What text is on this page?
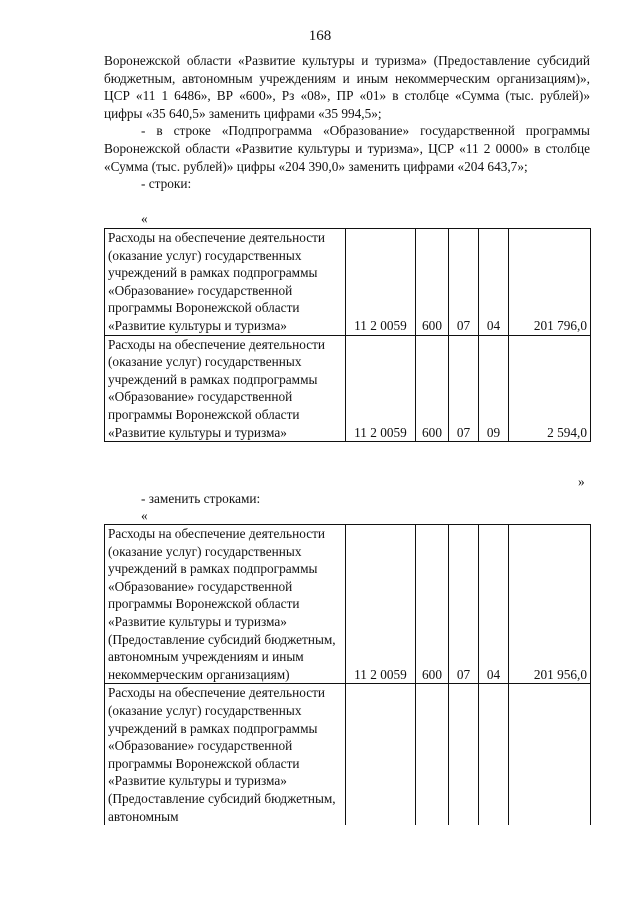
168

Воронежской области «Развитие культуры и туризма» (Предоставление субсидий бюджетным, автономным учреждениям и иным некоммерческим организациям)», ЦСР «11 1 6486», ВР «600», Рз «08», ПР «01» в столбце «Сумма (тыс. рублей)» цифры «35 640,5» заменить цифрами «35 994,5»;

- в строке «Подпрограмма «Образование» государственной программы Воронежской области «Развитие культуры и туризма», ЦСР «11 2 0000» в столбце «Сумма (тыс. рублей)» цифры «204 390,0» заменить цифрами «204 643,7»;

- строки:

«
Расходы на обеспечение деятельности (оказание услуг) государственных учреждений в рамках подпрограммы «Образование» государственной программы Воронежской области «Развитие культуры и туризма»	11 2 0059	600	07	04	201 796,0
Расходы на обеспечение деятельности (оказание услуг) государственных учреждений в рамках подпрограммы «Образование» государственной программы Воронежской области «Развитие культуры и туризма»	11 2 0059	600	07	09	2 594,0
»
- заменить строками:
«
Расходы на обеспечение деятельности (оказание услуг) государственных учреждений в рамках подпрограммы «Образование» государственной программы Воронежской области «Развитие культуры и туризма» (Предоставление субсидий бюджетным, автономным учреждениям и иным некоммерческим организациям)	11 2 0059	600	07	04	201 956,0
Расходы на обеспечение деятельности (оказание услуг) государственных учреждений в рамках подпрограммы «Образование» государственной программы Воронежской области «Развитие культуры и туризма» (Предоставление субсидий бюджетным, автономным					
